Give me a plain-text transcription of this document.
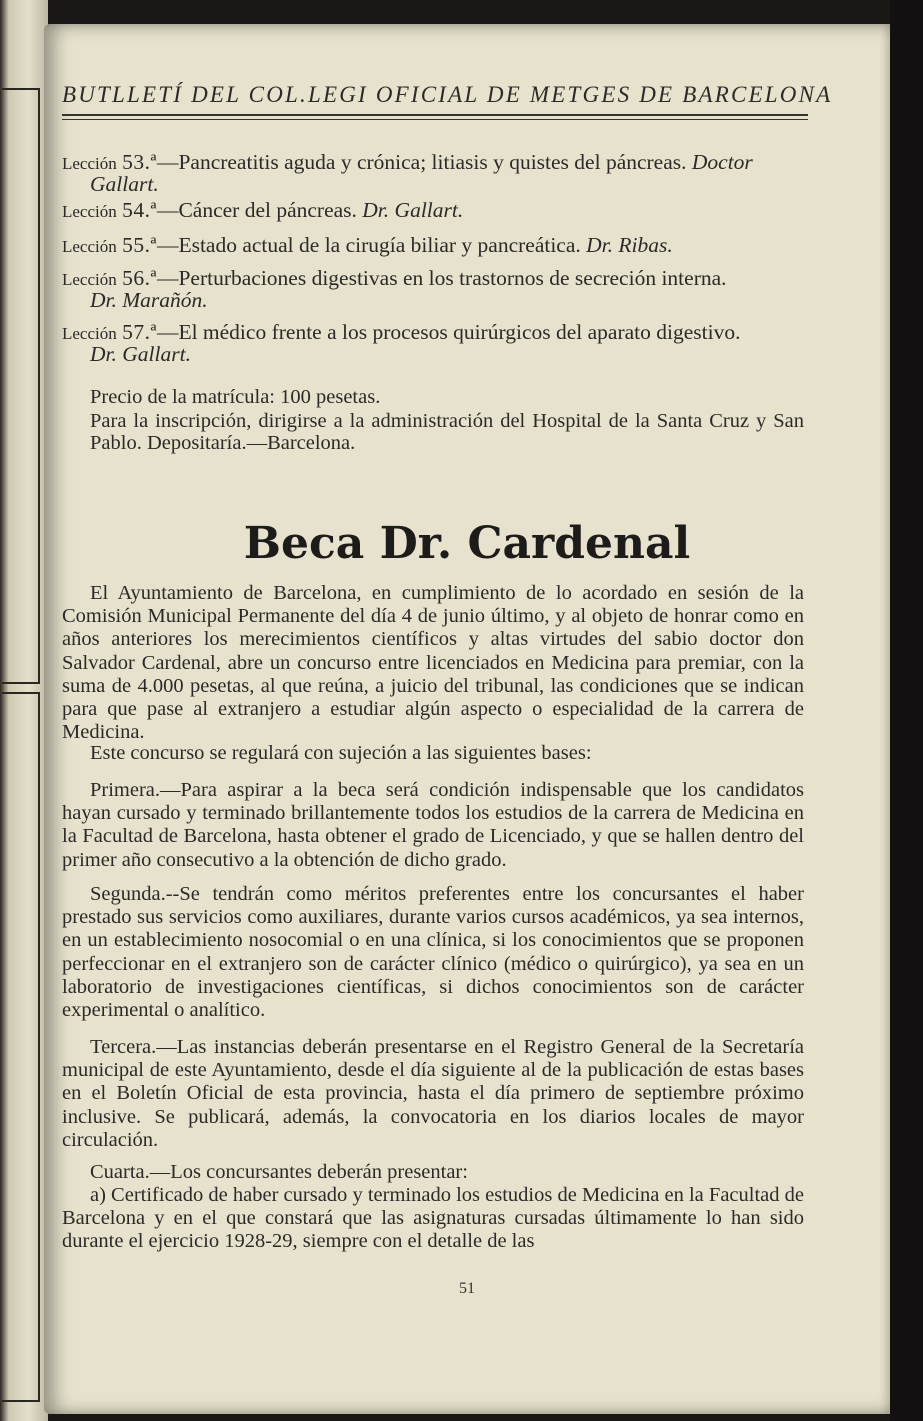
BUTLLETÍ DEL COL.LEGI OFICIAL DE METGES DE BARCELONA
Lección 53.ª—Pancreatitis aguda y crónica; litiasis y quistes del páncreas. Doctor
Gallart.
Lección 54.ª—Cáncer del páncreas. Dr. Gallart.
Lección 55.ª—Estado actual de la cirugía biliar y pancreática. Dr. Ribas.
Lección 56.ª—Perturbaciones digestivas en los trastornos de secreción interna.
Dr. Marañón.
Lección 57.ª—El médico frente a los procesos quirúrgicos del aparato digestivo.
Dr. Gallart.
Precio de la matrícula: 100 pesetas.
Para la inscripción, dirigirse a la administración del Hospital de la Santa Cruz y San Pablo. Depositaría.—Barcelona.
Beca Dr. Cardenal
El Ayuntamiento de Barcelona, en cumplimiento de lo acordado en sesión de la Comisión Municipal Permanente del día 4 de junio último, y al objeto de honrar como en años anteriores los merecimientos científicos y altas virtudes del sabio doctor don Salvador Cardenal, abre un concurso entre licenciados en Medicina para premiar, con la suma de 4.000 pesetas, al que reúna, a juicio del tribunal, las condiciones que se indican para que pase al extranjero a estudiar algún aspecto o especialidad de la carrera de Medicina.
Este concurso se regulará con sujeción a las siguientes bases:
Primera.—Para aspirar a la beca será condición indispensable que los candidatos hayan cursado y terminado brillantemente todos los estudios de la carrera de Medicina en la Facultad de Barcelona, hasta obtener el grado de Licenciado, y que se hallen dentro del primer año consecutivo a la obtención de dicho grado.
Segunda.--Se tendrán como méritos preferentes entre los concursantes el haber prestado sus servicios como auxiliares, durante varios cursos académicos, ya sea internos, en un establecimiento nosocomial o en una clínica, si los conocimientos que se proponen perfeccionar en el extranjero son de carácter clínico (médico o quirúrgico), ya sea en un laboratorio de investigaciones científicas, si dichos conocimientos son de carácter experimental o analítico.
Tercera.—Las instancias deberán presentarse en el Registro General de la Secretaría municipal de este Ayuntamiento, desde el día siguiente al de la publicación de estas bases en el Boletín Oficial de esta provincia, hasta el día primero de septiembre próximo inclusive. Se publicará, además, la convocatoria en los diarios locales de mayor circulación.
Cuarta.—Los concursantes deberán presentar:
a) Certificado de haber cursado y terminado los estudios de Medicina en la Facultad de Barcelona y en el que constará que las asignaturas cursadas últimamente lo han sido durante el ejercicio 1928-29, siempre con el detalle de las
51
